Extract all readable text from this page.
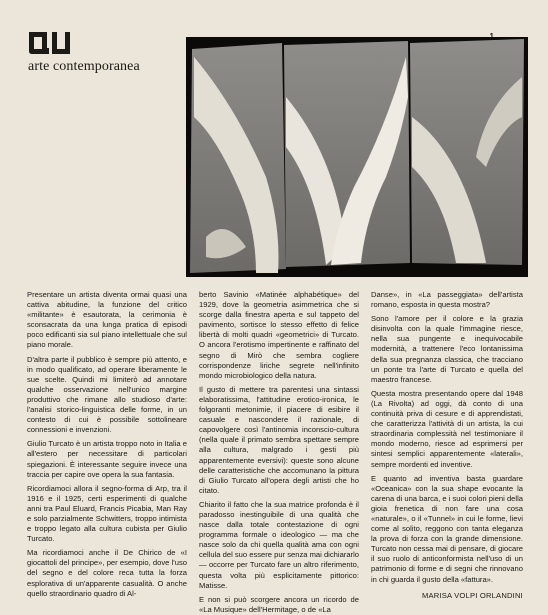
arte contemporanea

Presentare un artista diventa ormai quasi una cattiva abitudine, la funzione del critico «militante» è esautorata, la cerimonia è sconsacrata da una lunga pratica di episodi poco edificanti sia sul piano intellettuale che sul piano morale.

D'altra parte il pubblico è sempre più attento, e in modo qualificato, ad operare liberamente le sue scelte. Quindi mi limiterò ad annotare qualche osservazione nell'unico margine produttivo che rimane allo studioso d'arte: l'analisi storico-linguistica delle forme, in un contesto di cui è possibile sottolineare connessioni e invenzioni.

Giulio Turcato è un artista troppo noto in Italia e all'estero per necessitare di particolari spiegazioni. È interessante seguire invece una traccia per capire ove opera la sua fantasia.

Ricordiamoci allora il segno-forma di Arp, tra il 1916 e il 1925, certi esperimenti di qualche anni tra Paul Eluard, Francis Picabia, Man Ray e solo parzialmente Schwitters, troppo intimista e troppo legato alla cultura cubista per Giulio Turcato.

Ma ricordiamoci anche il De Chirico de «I giocattoli del principe», per esempio, dove l'uso del segno e del colore reca tutta la forza esplorativa di un'apparente casualità. O anche quello straordinario quadro di Al-

berto Savinio «Matinée alphabétique» del 1929, dove la geometria asimmetrica che si scorge dalla finestra aperta e sul tappeto del pavimento, sortisce lo stesso effetto di felice libertà di molti quadri «geometrici» di Turcato. O ancora l'erotismo impertinente e raffinato del segno di Mirò che sembra cogliere corrispondenze liriche segrete nell'infinito mondo microbiologico della natura.

Il gusto di mettere tra parentesi una sintassi elaboratissima, l'attitudine erotico-ironica, le folgoranti metonimie, il piacere di esibire il casuale e nascondere il razionale, di capovolgere così l'antinomia inconscio-cultura (nella quale il primato sembra spettare sempre alla cultura, malgrado i gesti più apparentemente eversivi): queste sono alcune delle caratteristiche che accomunano la pittura di Giulio Turcato all'opera degli artisti che ho citato.

Chiarito il fatto che la sua matrice profonda è il paradosso inestinguibile di una qualità che nasce dalla totale contestazione di ogni programma formale o ideologico — ma che nasce solo da chi quella qualità ama con ogni cellula del suo essere pur senza mai dichiararlo — occorre per Turcato fare un altro riferimento, questa volta più esplicitamente pittorico: Matisse.

E non si può scorgere ancora un ricordo de «La Musique» dell'Hermitage, o de «La

Danse», in «La passeggiata» dell'artista romano, esposta in questa mostra?

Sono l'amore per il colore e la grazia disinvolta con la quale l'immagine riesce, nella sua pungente e inequivocabile modernità, a trattenere l'eco lontanissima della sua pregnanza classica, che tracciano un ponte tra l'arte di Turcato e quella del maestro francese.

Questa mostra presentando opere dal 1948 (La Rivolta) ad oggi, dà conto di una continuità priva di cesure e di apprendistati, che caratterizza l'attività di un artista, la cui straordinaria complessità nel testimoniare il mondo moderno, riesce ad esprimersi per sintesi semplici apparentemente «laterali», sempre mordenti ed inventive.

E quanto ad inventiva basta guardare «Oceanica» con la sua shape evocante la carena di una barca, e i suoi colori pieni della gioia frenetica di non fare una cosa «naturale», o il «Tunnel» in cui le forme, lievi come al solito, reggono con tanta eleganza la prova di forza con la grande dimensione. Turcato non cessa mai di pensare, di giocare il suo ruolo di anticonformista nell'uso di un patrimonio di forme e di segni che rinnovano in chi guarda il gusto della «fattura».

MARISA VOLPI ORLANDINI
